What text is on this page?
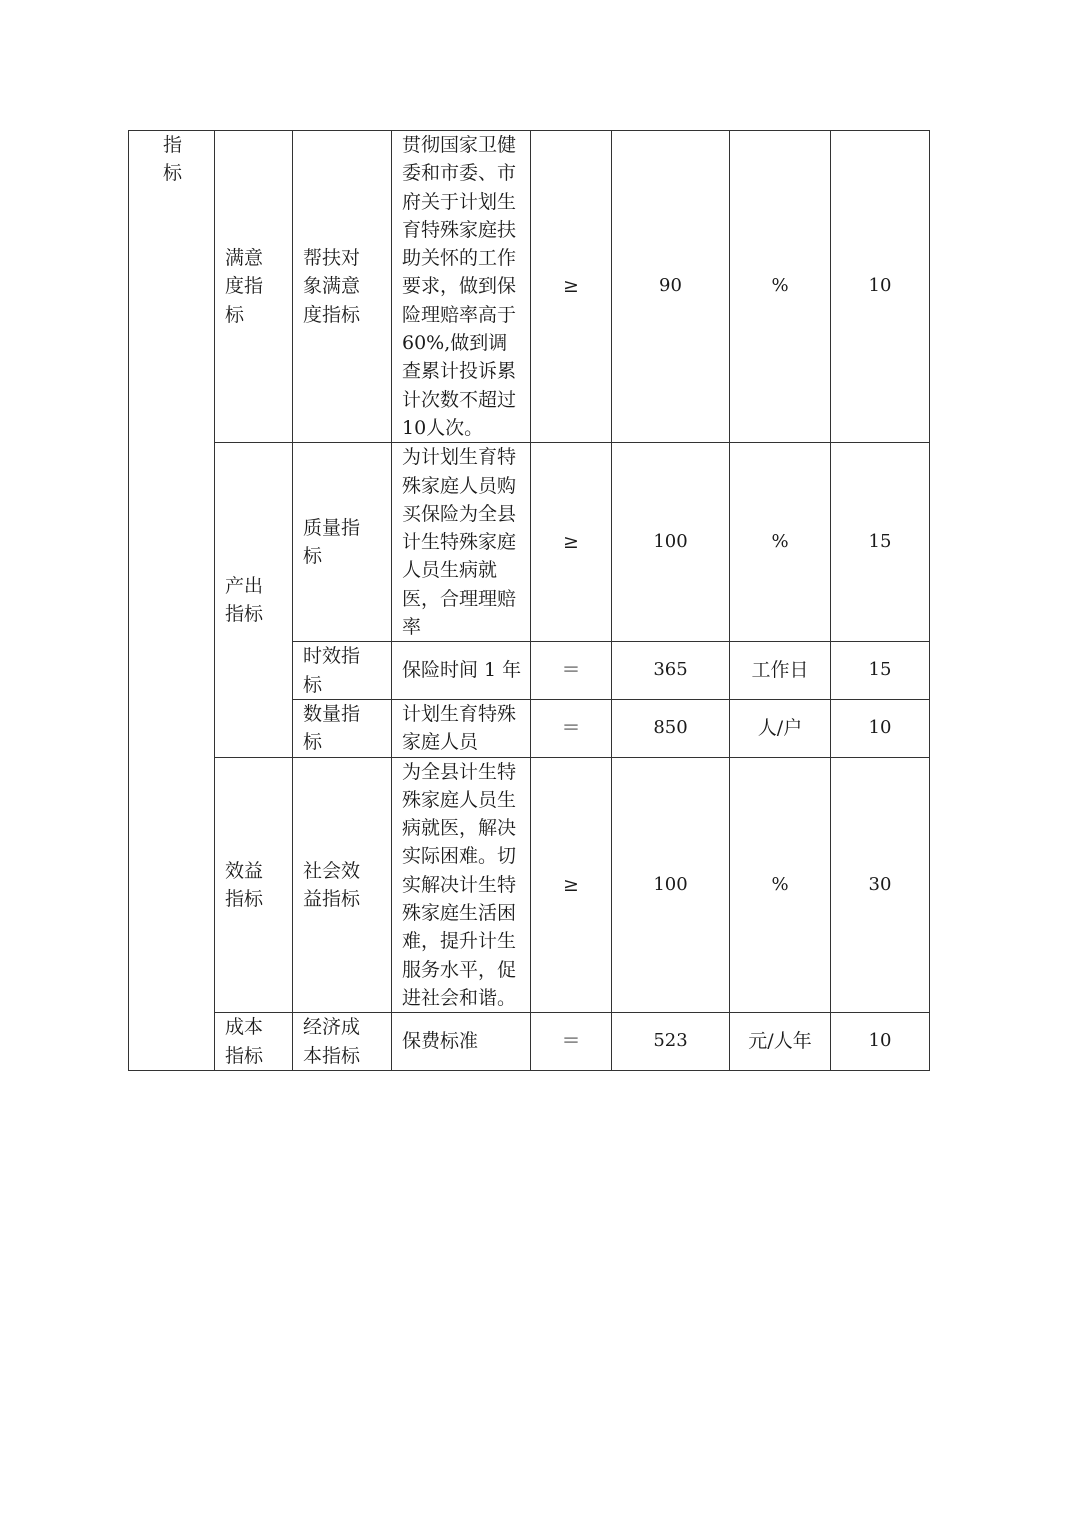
指标	满意度指标	帮扶对象满意度指标	贯彻国家卫健委和市委、市府关于计划生育特殊家庭扶助关怀的工作要求，做到保险理赔率高于60%,做到调查累计投诉累计次数不超过10人次。	≥	90	%	10
	产出指标	质量指标	为计划生育特殊家庭人员购买保险为全县计生特殊家庭人员生病就医，合理理赔率	≥	100	%	15
		时效指标	保险时间 1 年	＝	365	工作日	15
		数量指标	计划生育特殊家庭人员	＝	850	人/户	10
	效益指标	社会效益指标	为全县计生特殊家庭人员生病就医，解决实际困难。切实解决计生特殊家庭生活困难，提升计生服务水平，促进社会和谐。	≥	100	%	30
	成本指标	经济成本指标	保费标准	＝	523	元/人年	10
